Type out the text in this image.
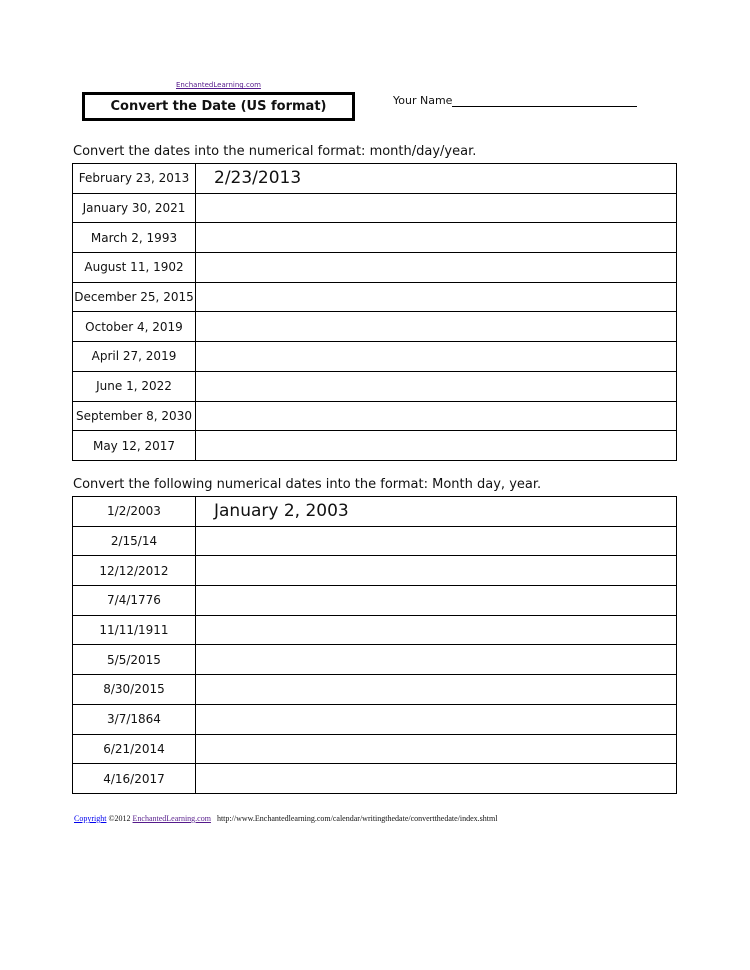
EnchantedLearning.com
Convert the Date (US format)	Your Name
Convert the dates into the numerical format: month/day/year.
February 23, 2013	2/23/2013
January 30, 2021	
March 2, 1993	
August 11, 1902	
December 25, 2015	
October 4, 2019	
April 27, 2019	
June 1, 2022	
September 8, 2030	
May 12, 2017	
Convert the following numerical dates into the format: Month day, year.
1/2/2003	January 2, 2003
2/15/14	
12/12/2012	
7/4/1776	
11/11/1911	
5/5/2015	
8/30/2015	
3/7/1864	
6/21/2014	
4/16/2017	
Copyright ©2012 EnchantedLearning.com http://www.Enchantedlearning.com/calendar/writingthedate/convertthedate/index.shtml
